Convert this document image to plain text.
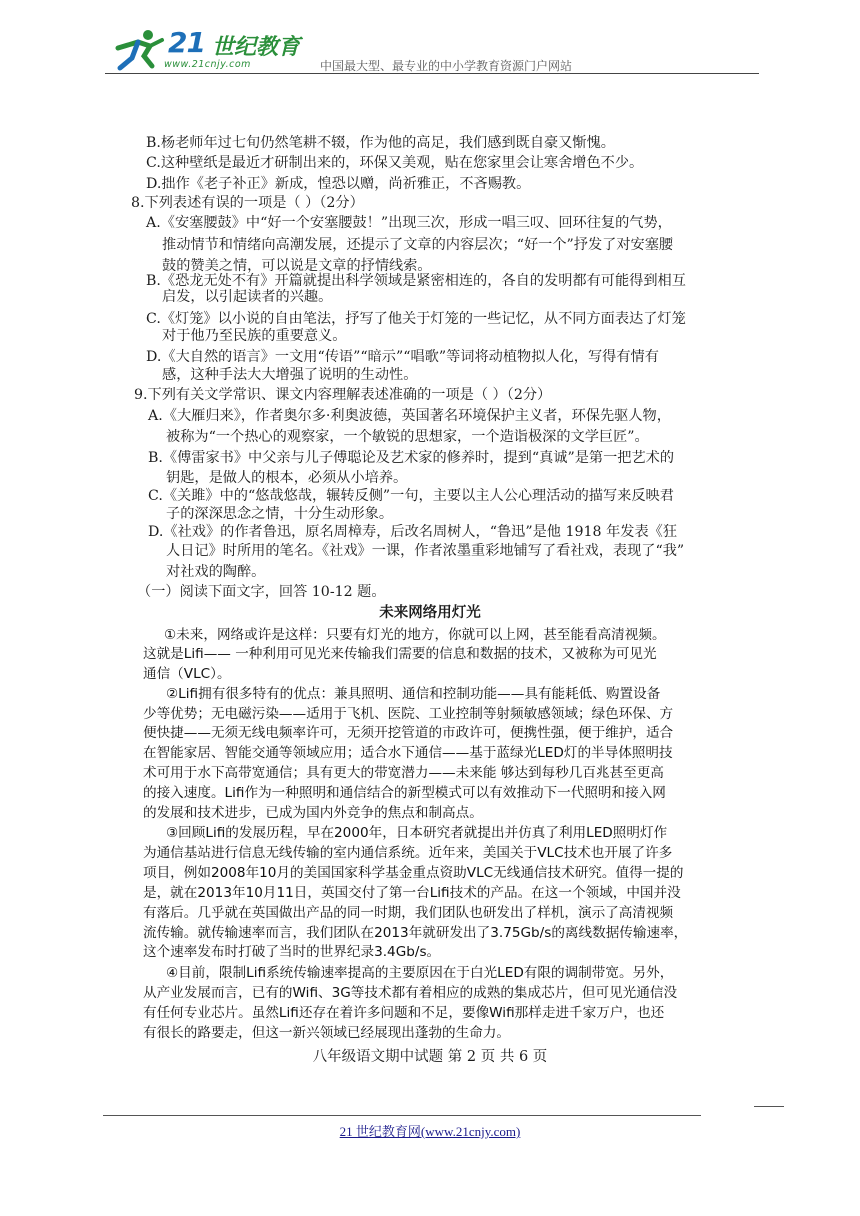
21 世纪教育
www.21cnjy.com	中国最大型、最专业的中小学教育资源门户网站
B.杨老师年过七旬仍然笔耕不辍，作为他的高足，我们感到既自豪又惭愧。
C.这种壁纸是最近才研制出来的，环保又美观，贴在您家里会让寒舍增色不少。
D.拙作《老子补正》新成，惶恐以赠，尚祈雅正，不吝赐教。
8.下列表述有误的一项是（ ）（2分）
A.《安塞腰鼓》中“好一个安塞腰鼓！”出现三次，形成一唱三叹、回环往复的气势，
推动情节和情绪向高潮发展，还提示了文章的内容层次；“好一个”抒发了对安塞腰
鼓的赞美之情，可以说是文章的抒情线索。
B.《恐龙无处不有》开篇就提出科学领域是紧密相连的，各自的发明都有可能得到相互
启发，以引起读者的兴趣。
C.《灯笼》以小说的自由笔法，抒写了他关于灯笼的一些记忆，从不同方面表达了灯笼
对于他乃至民族的重要意义。
D.《大自然的语言》一文用“传语”“暗示”“唱歌”等词将动植物拟人化，写得有情有
感，这种手法大大增强了说明的生动性。
9.下列有关文学常识、课文内容理解表述准确的一项是（ ）（2分）
A.《大雁归来》，作者奥尔多·利奥波德，英国著名环境保护主义者，环保先驱人物，
被称为“一个热心的观察家，一个敏锐的思想家，一个造诣极深的文学巨匠”。
B.《傅雷家书》中父亲与儿子傅聪论及艺术家的修养时，提到“真诚”是第一把艺术的
钥匙，是做人的根本，必须从小培养。
C.《关雎》中的“悠哉悠哉，辗转反侧”一句，主要以主人公心理活动的描写来反映君
子的深深思念之情，十分生动形象。
D.《社戏》的作者鲁迅，原名周樟寿，后改名周树人，“鲁迅”是他 1918 年发表《狂
人日记》时所用的笔名。《社戏》一课，作者浓墨重彩地铺写了看社戏，表现了“我”
对社戏的陶醉。
（一）阅读下面文字，回答 10-12 题。
未来网络用灯光
①未来，网络或许是这样：只要有灯光的地方，你就可以上网，甚至能看高清视频。
这就是Lifi—— 一种利用可见光来传输我们需要的信息和数据的技术，又被称为可见光
通信（VLC）。
②Lifi拥有很多特有的优点：兼具照明、通信和控制功能——具有能耗低、购置设备
少等优势；无电磁污染——适用于飞机、医院、工业控制等射频敏感领域；绿色环保、方
便快捷——无须无线电频率许可，无须开挖管道的市政许可，便携性强，便于维护，适合
在智能家居、智能交通等领域应用；适合水下通信——基于蓝绿光LED灯的半导体照明技
术可用于水下高带宽通信；具有更大的带宽潜力——未来能 够达到每秒几百兆甚至更高
的接入速度。Lifi作为一种照明和通信结合的新型模式可以有效推动下一代照明和接入网
的发展和技术进步，已成为国内外竞争的焦点和制高点。
③回顾Lifi的发展历程，早在2000年，日本研究者就提出并仿真了利用LED照明灯作
为通信基站进行信息无线传输的室内通信系统。近年来，美国关于VLC技术也开展了许多
项目，例如2008年10月的美国国家科学基金重点资助VLC无线通信技术研究。值得一提的
是，就在2013年10月11日，英国交付了第一台Lifi技术的产品。在这一个领域，中国并没
有落后。几乎就在英国做出产品的同一时期，我们团队也研发出了样机，演示了高清视频
流传输。就传输速率而言，我们团队在2013年就研发出了3.75Gb/s的离线数据传输速率，
这个速率发布时打破了当时的世界纪录3.4Gb/s。
④目前，限制Lifi系统传输速率提高的主要原因在于白光LED有限的调制带宽。另外，
从产业发展而言，已有的Wifi、3G等技术都有着相应的成熟的集成芯片，但可见光通信没
有任何专业芯片。虽然Lifi还存在着许多问题和不足，要像Wifi那样走进千家万户，也还
有很长的路要走，但这一新兴领域已经展现出蓬勃的生命力。
八年级语文期中试题 第 2 页 共 6 页
21 世纪教育网(www.21cnjy.com)
